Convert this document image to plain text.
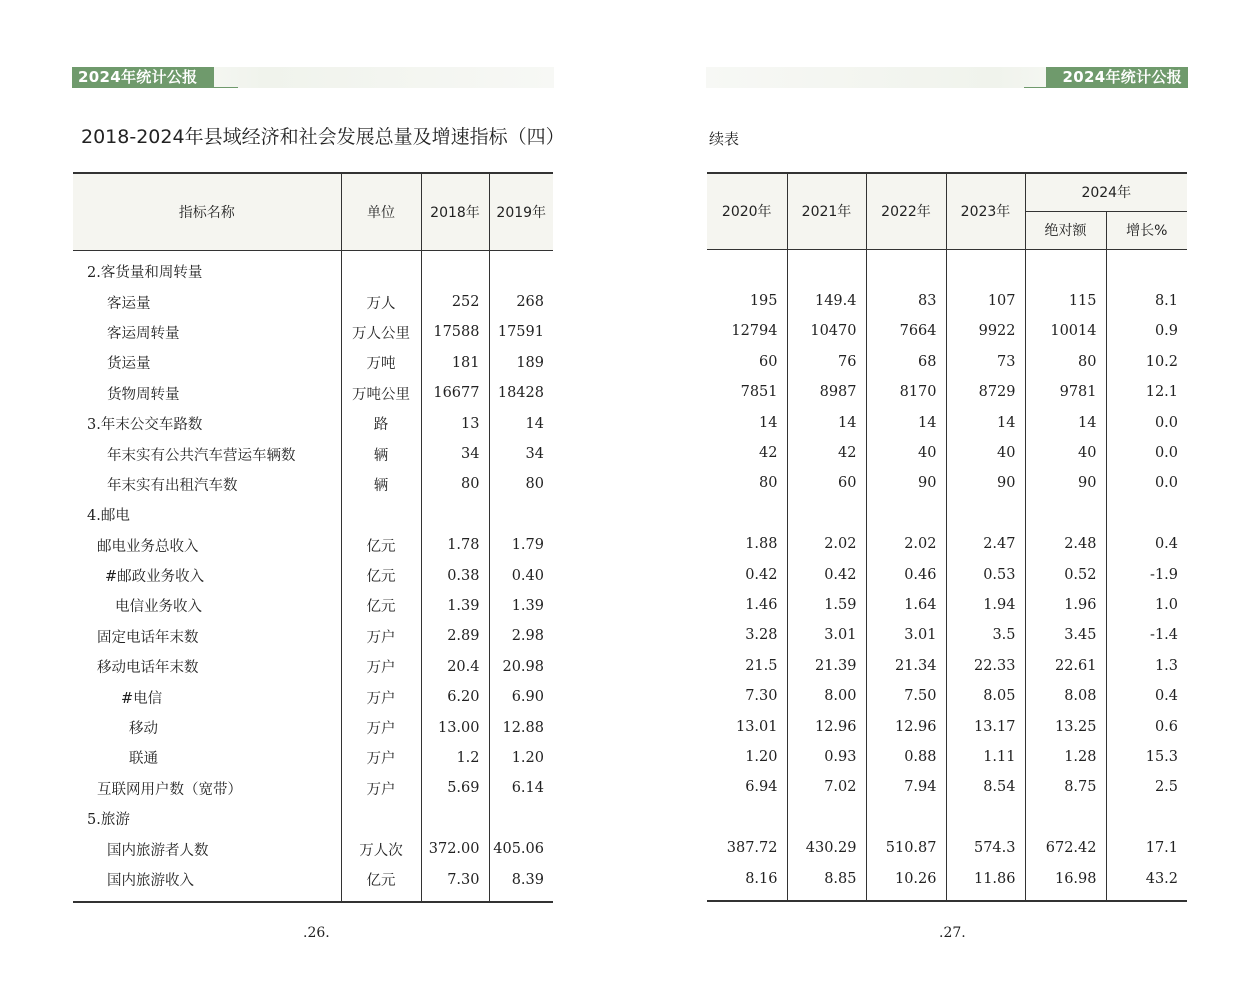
2024年统计公报
2018-2024年县域经济和社会发展总量及增速指标（四）
指标名称	单位	2018年	2019年
2.客货量和周转量			
客运量	万人	252	268
客运周转量	万人公里	17588	17591
货运量	万吨	181	189
货物周转量	万吨公里	16677	18428
3.年末公交车路数	路	13	14
年末实有公共汽车营运车辆数	辆	34	34
年末实有出租汽车数	辆	80	80
4.邮电			
邮电业务总收入	亿元	1.78	1.79
#邮政业务收入	亿元	0.38	0.40
电信业务收入	亿元	1.39	1.39
固定电话年末数	万户	2.89	2.98
移动电话年末数	万户	20.4	20.98
#电信	万户	6.20	6.90
移动	万户	13.00	12.88
联通	万户	1.2	1.20
互联网用户数（宽带）	万户	5.69	6.14
5.旅游			
国内旅游者人数	万人次	372.00	405.06
国内旅游收入	亿元	7.30	8.39
.26.
2024年统计公报
续表
2020年	2021年	2022年	2023年	2024年	
				绝对额	增长%

195	149.4	83	107	115	8.1
12794	10470	7664	9922	10014	0.9
60	76	68	73	80	10.2
7851	8987	8170	8729	9781	12.1
14	14	14	14	14	0.0
42	42	40	40	40	0.0
80	60	90	90	90	0.0

1.88	2.02	2.02	2.47	2.48	0.4
0.42	0.42	0.46	0.53	0.52	-1.9
1.46	1.59	1.64	1.94	1.96	1.0
3.28	3.01	3.01	3.5	3.45	-1.4
21.5	21.39	21.34	22.33	22.61	1.3
7.30	8.00	7.50	8.05	8.08	0.4
13.01	12.96	12.96	13.17	13.25	0.6
1.20	0.93	0.88	1.11	1.28	15.3
6.94	7.02	7.94	8.54	8.75	2.5

387.72	430.29	510.87	574.3	672.42	17.1
8.16	8.85	10.26	11.86	16.98	43.2
.27.
